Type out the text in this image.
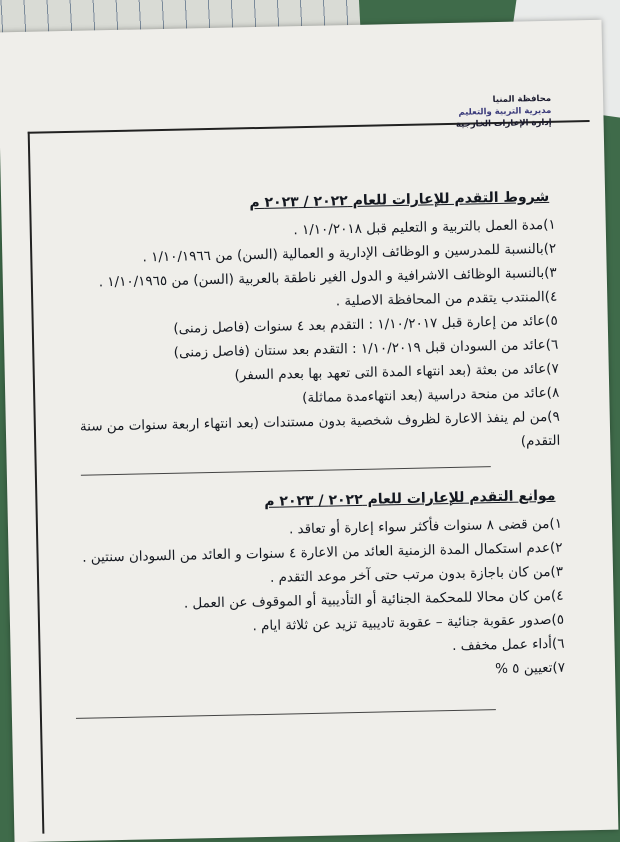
محافظة المنيا
مديرية التربية والتعليم
إدارة الإعارات الخارجية
شروط التقدم للإعارات للعام ٢٠٢٢ / ٢٠٢٣ م
١)مدة العمل بالتربية و التعليم قبل ١/١٠/٢٠١٨ .
٢)بالنسبة للمدرسين و الوظائف الإدارية و العمالية (السن) من ١/١٠/١٩٦٦ .
٣)بالنسبة الوظائف الاشرافية و الدول الغير ناطقة بالعربية (السن) من ١/١٠/١٩٦٥ .
٤)المنتدب يتقدم من المحافظة الاصلية .
٥)عائد من إعارة قبل ١/١٠/٢٠١٧ : التقدم بعد ٤ سنوات (فاصل زمنى)
٦)عائد من السودان قبل ١/١٠/٢٠١٩ : التقدم بعد سنتان (فاصل زمنى)
٧)عائد من بعثة (بعد انتهاء المدة التى تعهد بها بعدم السفر)
٨)عائد من منحة دراسية (بعد انتهاءمدة مماثلة)
٩)من لم ينفذ الاعارة لظروف شخصية بدون مستندات (بعد انتهاء اربعة سنوات من سنة التقدم)
موانع التقدم للإعارات للعام ٢٠٢٢ / ٢٠٢٣ م
١)من قضى ٨ سنوات فأكثر سواء إعارة أو تعاقد .
٢)عدم استكمال المدة الزمنية العائد من الاعارة ٤ سنوات و العائد من السودان سنتين .
٣)من كان باجازة بدون مرتب حتى آخر موعد التقدم .
٤)من كان محالا للمحكمة الجنائية أو التأديبية أو الموقوف عن العمل .
٥)صدور عقوبة جنائية – عقوبة تاديبية تزيد عن ثلاثة ايام .
٦)أداء عمل مخفف .
٧)تعيين ٥ %
